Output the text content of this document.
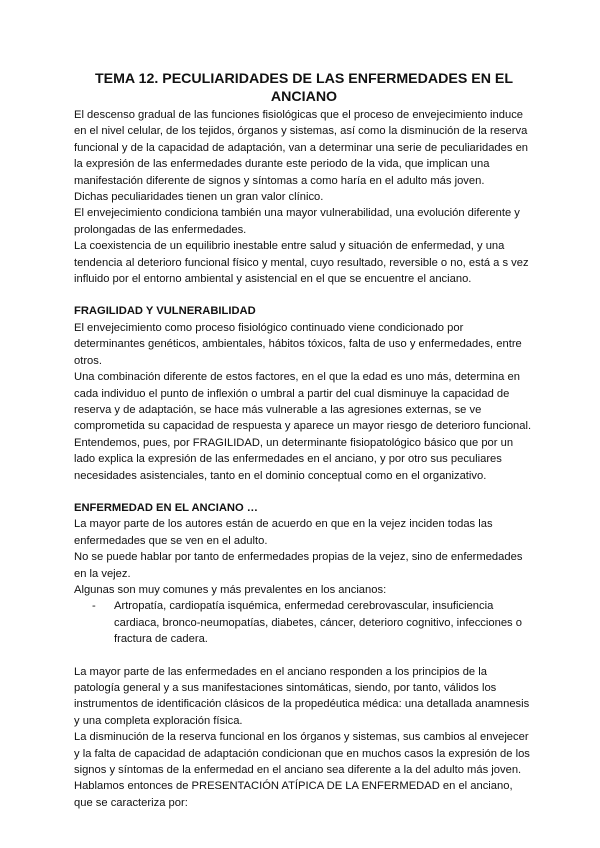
TEMA 12. PECULIARIDADES DE LAS ENFERMEDADES EN EL ANCIANO

El descenso gradual de las funciones fisiológicas que el proceso de envejecimiento induce en el nivel celular, de los tejidos, órganos y sistemas, así como la disminución de la reserva funcional y de la capacidad de adaptación, van a determinar una serie de peculiaridades en la expresión de las enfermedades durante este periodo de la vida, que implican una manifestación diferente de signos y síntomas a como haría en el adulto más joven.

Dichas peculiaridades tienen un gran valor clínico.

El envejecimiento condiciona también una mayor vulnerabilidad, una evolución diferente y prolongadas de las enfermedades.

La coexistencia de un equilibrio inestable entre salud y situación de enfermedad, y una tendencia al deterioro funcional físico y mental, cuyo resultado, reversible o no, está a s vez influido por el entorno ambiental y asistencial en el que se encuentre el anciano.

FRAGILIDAD Y VULNERABILIDAD

El envejecimiento como proceso fisiológico continuado viene condicionado por determinantes genéticos, ambientales, hábitos tóxicos, falta de uso y enfermedades, entre otros.

Una combinación diferente de estos factores, en el que la edad es uno más, determina en cada individuo el punto de inflexión o umbral a partir del cual disminuye la capacidad de reserva y de adaptación, se hace más vulnerable a las agresiones externas, se ve comprometida su capacidad de respuesta y aparece un mayor riesgo de deterioro funcional.

Entendemos, pues, por FRAGILIDAD, un determinante fisiopatológico básico que por un lado explica la expresión de las enfermedades en el anciano, y por otro sus peculiares necesidades asistenciales, tanto en el dominio conceptual como en el organizativo.

ENFERMEDAD EN EL ANCIANO …

La mayor parte de los autores están de acuerdo en que en la vejez inciden todas las enfermedades que se ven en el adulto.

No se puede hablar por tanto de enfermedades propias de la vejez, sino de enfermedades en la vejez.

Algunas son muy comunes y más prevalentes en los ancianos:

- Artropatía, cardiopatía isquémica, enfermedad cerebrovascular, insuficiencia cardiaca, bronco-neumopatías, diabetes, cáncer, deterioro cognitivo, infecciones o fractura de cadera.

La mayor parte de las enfermedades en el anciano responden a los principios de la patología general y a sus manifestaciones sintomáticas, siendo, por tanto, válidos los instrumentos de identificación clásicos de la propedéutica médica: una detallada anamnesis y una completa exploración física.

La disminución de la reserva funcional en los órganos y sistemas, sus cambios al envejecer y la falta de capacidad de adaptación condicionan que en muchos casos la expresión de los signos y síntomas de la enfermedad en el anciano sea diferente a la del adulto más joven.

Hablamos entonces de PRESENTACIÓN ATÍPICA DE LA ENFERMEDAD en el anciano, que se caracteriza por:
